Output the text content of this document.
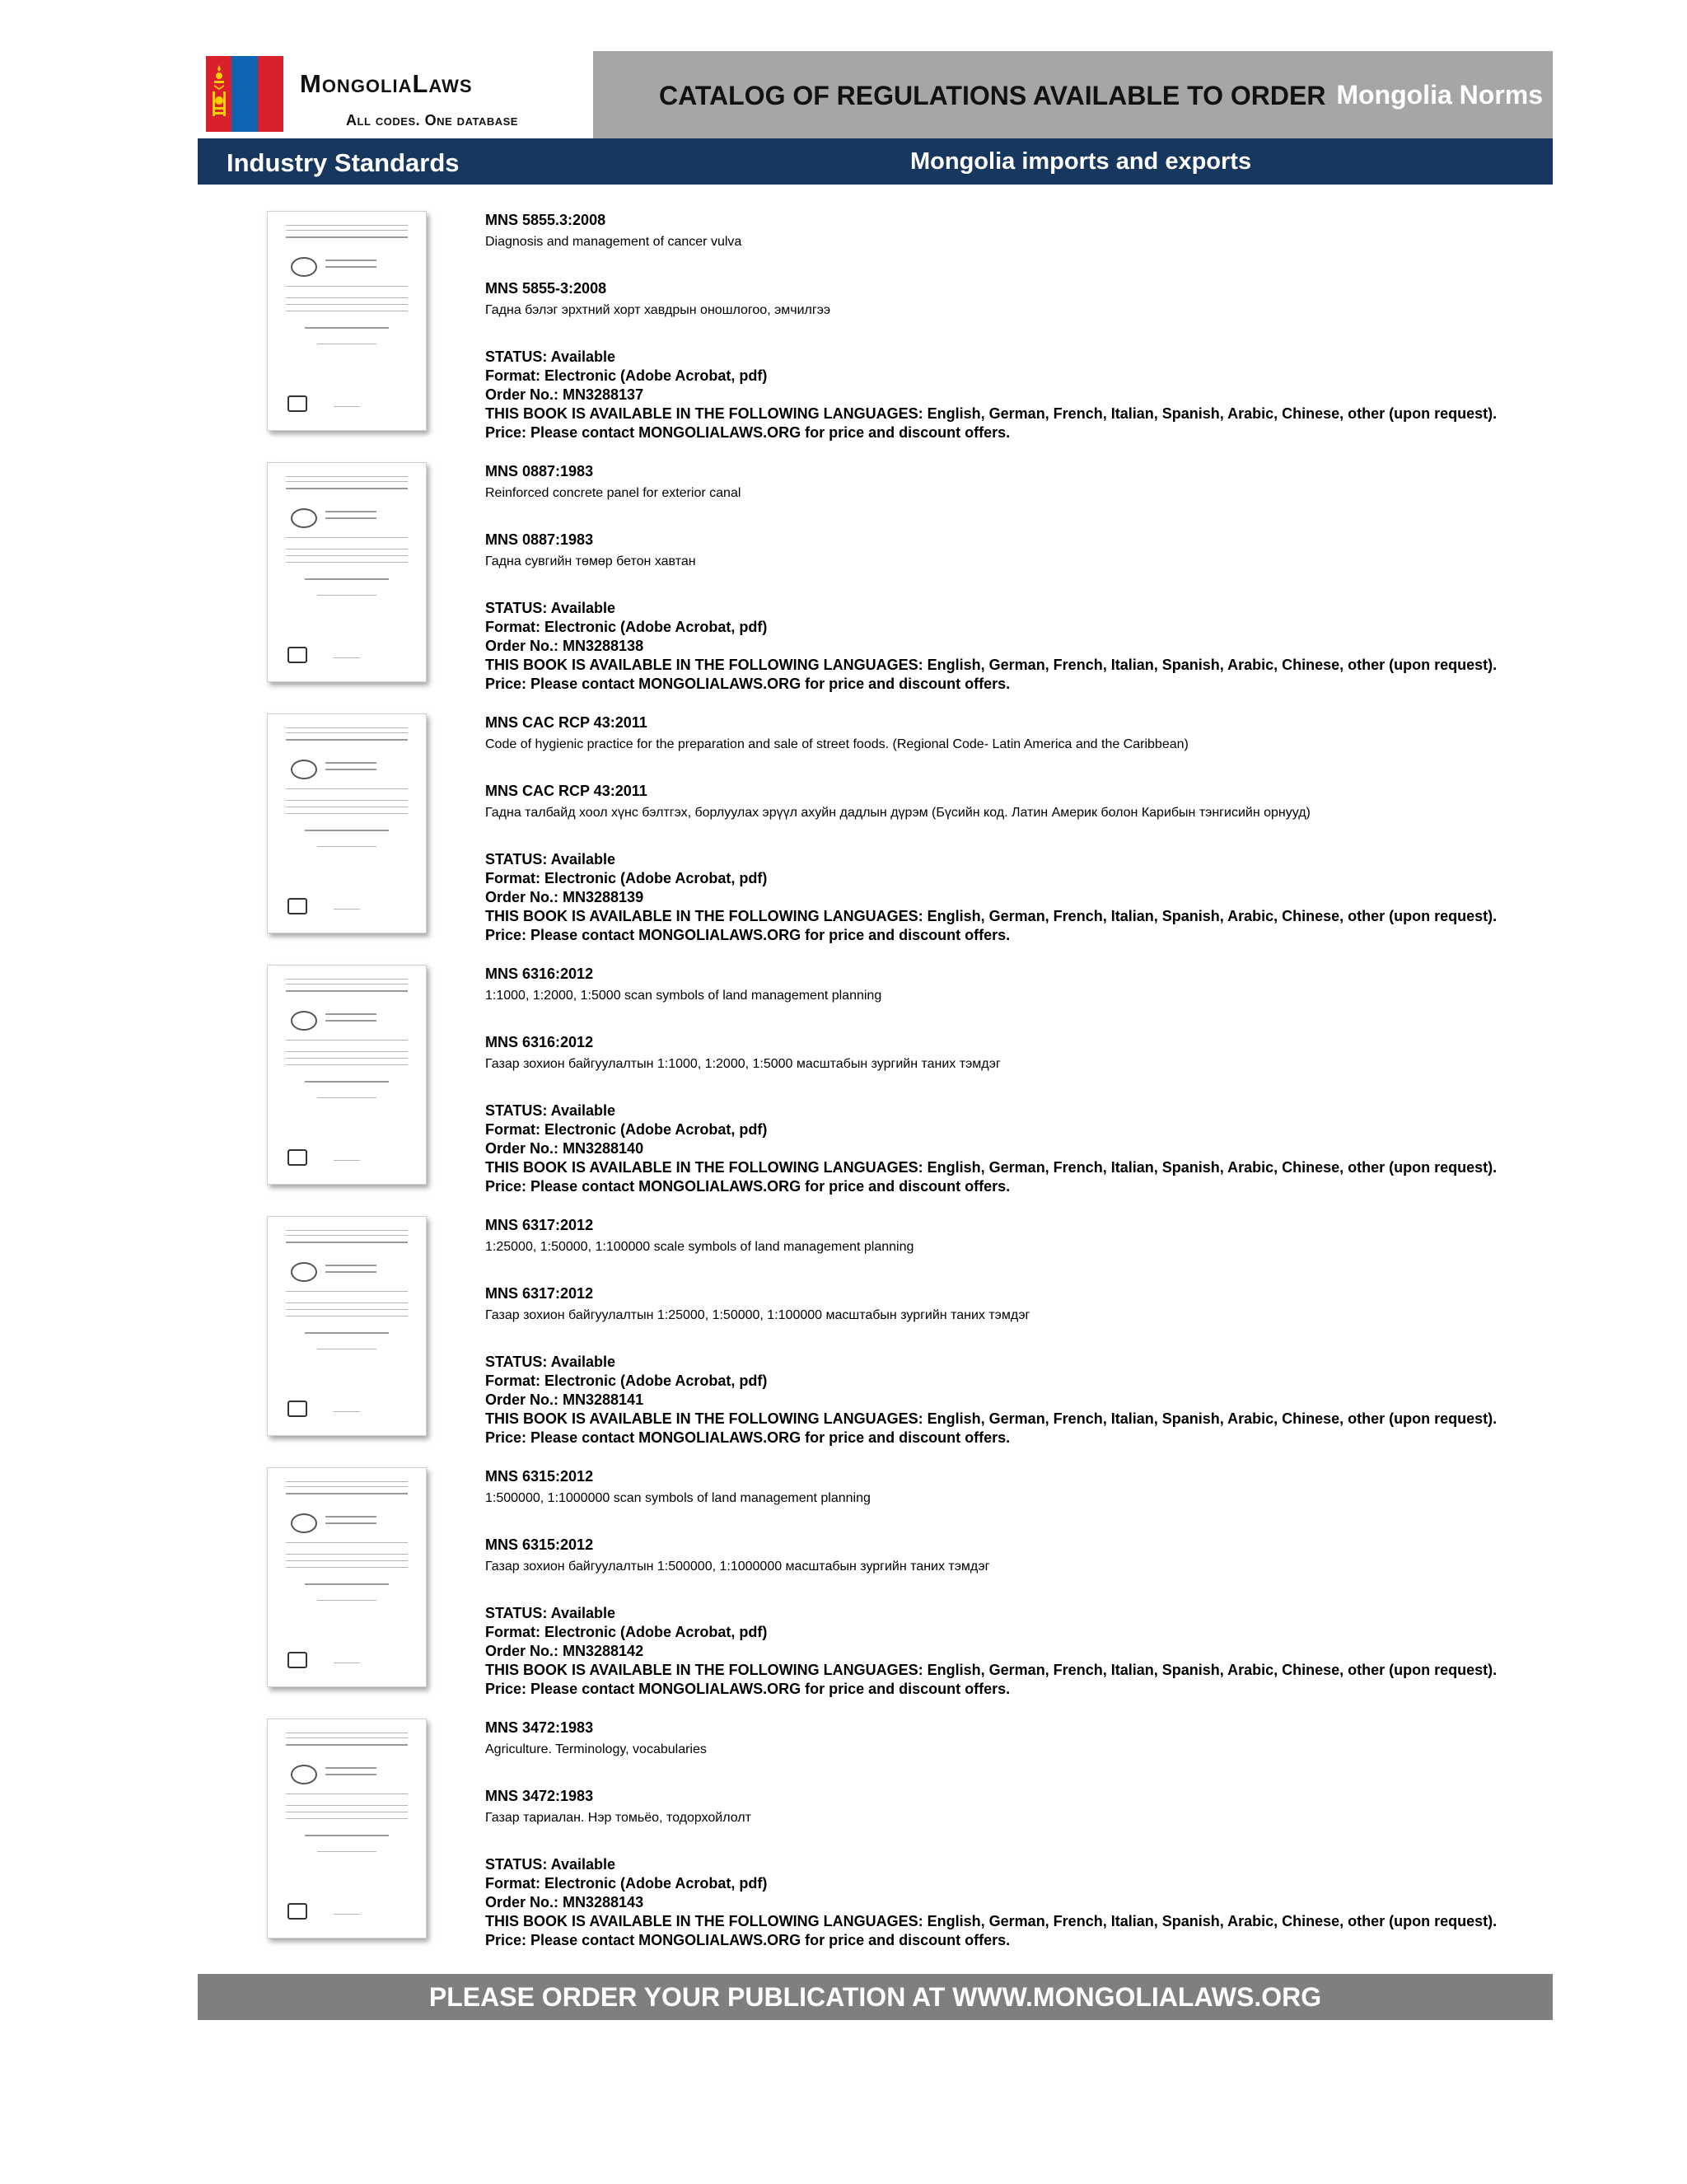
MongoliaLaws
All codes. One database
CATALOG OF REGULATIONS AVAILABLE TO ORDER Mongolia Norms
Industry Standards	Mongolia imports and exports
MNS 5855.3:2008
Diagnosis and management of cancer vulva
MNS 5855-3:2008
Гадна бэлэг эрхтний хорт хавдрын оношлогоо, эмчилгээ
STATUS: Available
Format: Electronic (Adobe Acrobat, pdf)
Order No.: MN3288137
THIS BOOK IS AVAILABLE IN THE FOLLOWING LANGUAGES: English, German, French, Italian, Spanish, Arabic, Chinese, other (upon request).
Price: Please contact MONGOLIALAWS.ORG for price and discount offers.
MNS 0887:1983
Reinforced concrete panel for exterior canal
MNS 0887:1983
Гадна сувгийн төмөр бетон хавтан
STATUS: Available
Format: Electronic (Adobe Acrobat, pdf)
Order No.: MN3288138
THIS BOOK IS AVAILABLE IN THE FOLLOWING LANGUAGES: English, German, French, Italian, Spanish, Arabic, Chinese, other (upon request).
Price: Please contact MONGOLIALAWS.ORG for price and discount offers.
MNS CAC RCP 43:2011
Code of hygienic practice for the preparation and sale of street foods. (Regional Code- Latin America and the Caribbean)
MNS CAC RCP 43:2011
Гадна талбайд хоол хүнс бэлтгэх, борлуулах эрүүл ахуйн дадлын дүрэм (Бүсийн код. Латин Америк болон Карибын тэнгисийн орнууд)
STATUS: Available
Format: Electronic (Adobe Acrobat, pdf)
Order No.: MN3288139
THIS BOOK IS AVAILABLE IN THE FOLLOWING LANGUAGES: English, German, French, Italian, Spanish, Arabic, Chinese, other (upon request).
Price: Please contact MONGOLIALAWS.ORG for price and discount offers.
MNS 6316:2012
1:1000, 1:2000, 1:5000 scan symbols of land management planning
MNS 6316:2012
Газар зохион байгуулалтын 1:1000, 1:2000, 1:5000 масштабын зургийн таних тэмдэг
STATUS: Available
Format: Electronic (Adobe Acrobat, pdf)
Order No.: MN3288140
THIS BOOK IS AVAILABLE IN THE FOLLOWING LANGUAGES: English, German, French, Italian, Spanish, Arabic, Chinese, other (upon request).
Price: Please contact MONGOLIALAWS.ORG for price and discount offers.
MNS 6317:2012
1:25000, 1:50000, 1:100000 scale symbols of land management planning
MNS 6317:2012
Газар зохион байгуулалтын 1:25000, 1:50000, 1:100000 масштабын зургийн таних тэмдэг
STATUS: Available
Format: Electronic (Adobe Acrobat, pdf)
Order No.: MN3288141
THIS BOOK IS AVAILABLE IN THE FOLLOWING LANGUAGES: English, German, French, Italian, Spanish, Arabic, Chinese, other (upon request).
Price: Please contact MONGOLIALAWS.ORG for price and discount offers.
MNS 6315:2012
1:500000, 1:1000000 scan symbols of land management planning
MNS 6315:2012
Газар зохион байгуулалтын 1:500000, 1:1000000 масштабын зургийн таних тэмдэг
STATUS: Available
Format: Electronic (Adobe Acrobat, pdf)
Order No.: MN3288142
THIS BOOK IS AVAILABLE IN THE FOLLOWING LANGUAGES: English, German, French, Italian, Spanish, Arabic, Chinese, other (upon request).
Price: Please contact MONGOLIALAWS.ORG for price and discount offers.
MNS 3472:1983
Agriculture. Terminology, vocabularies
MNS 3472:1983
Газар тариалан. Нэр томьёо, тодорхойлолт
STATUS: Available
Format: Electronic (Adobe Acrobat, pdf)
Order No.: MN3288143
THIS BOOK IS AVAILABLE IN THE FOLLOWING LANGUAGES: English, German, French, Italian, Spanish, Arabic, Chinese, other (upon request).
Price: Please contact MONGOLIALAWS.ORG for price and discount offers.
PLEASE ORDER YOUR PUBLICATION AT WWW.MONGOLIALAWS.ORG
